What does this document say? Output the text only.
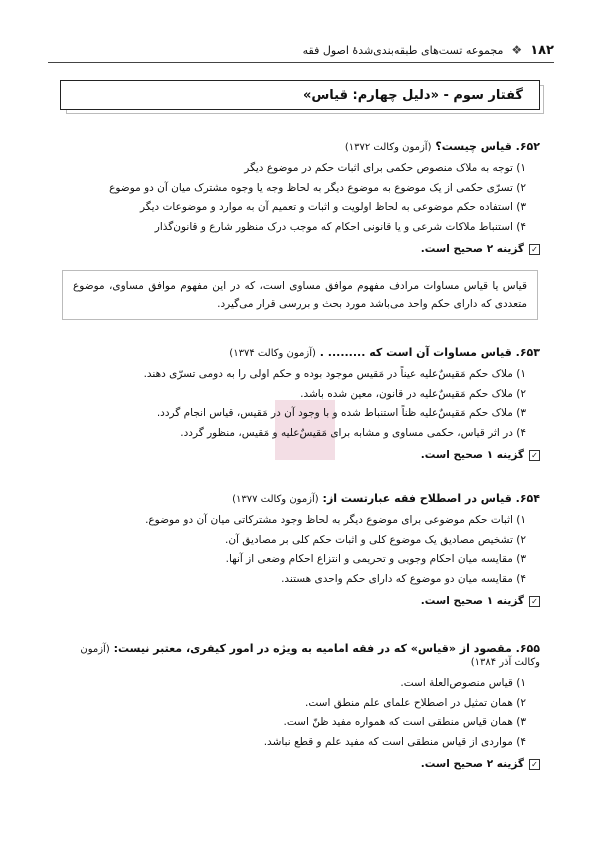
۱۸۲
❖
مجموعه تست‌های طبقه‌بندی‌شدهٔ اصول فقه
گفتار سوم - «دلیل چهارم: قیاس»
۶۵۲. قیاس چیست؟ (آزمون وکالت ۱۳۷۲)
۱) توجه به ملاک منصوص حکمی برای اثبات حکم در موضوع دیگر
۲) تسرّی حکمی از یک موضوع به موضوع دیگر به لحاظ وجه یا وجوه مشترک میان آن دو موضوع
۳) استفاده حکم موضوعی به لحاظ اولویت و اثبات و تعمیم آن به موارد و موضوعات دیگر
۴) استنباط ملاکات شرعی و یا قانونی احکام که موجب درک منظور شارع و قانون‌گذار
✓
گزینه ۲ صحیح است.
قیاس یا قیاس مساوات مرادف مفهوم موافق مساوی است، که در این مفهوم موافق مساوی، موضوع متعددی که دارای حکم واحد می‌باشد مورد بحث و بررسی قرار می‌گیرد.
۶۵۳. قیاس مساوات آن است که ......... . (آزمون وکالت ۱۳۷۴)
۱) ملاک حکم مَقیسٌ‌علیه عیناً در مَقیس موجود بوده و حکم اولی را به دومی تسرّی دهند.
۲) ملاک حکم مَقیسٌ‌علیه در قانون، معین شده باشد.
۳) ملاک حکم مَقیسٌ‌علیه ظناً استنباط شده و با وجود آن در مَقیس، قیاس انجام گردد.
۴) در اثر قیاس، حکمی مساوی و مشابه برای مَقیسٌ‌علیه و مَقیس، منظور گردد.
✓
گزینه ۱ صحیح است.
۶۵۴. قیاس در اصطلاح فقه عبارتست از: (آزمون وکالت ۱۳۷۷)
۱) اثبات حکم موضوعی برای موضوع دیگر به لحاظ وجود مشترکاتی میان آن دو موضوع.
۲) تشخیص مصادیق یک موضوع کلی و اثبات حکم کلی بر مصادیق آن.
۳) مقایسه میان احکام وجوبی و تحریمی و انتزاع احکام وضعی از آنها.
۴) مقایسه میان دو موضوع که دارای حکم واحدی هستند.
✓
گزینه ۱ صحیح است.
۶۵۵. مقصود از «قیاس» که در فقه امامیه به ویژه در امور کیفری، معتبر نیست: (آزمون وکالت آذر ۱۳۸۴)
۱) قیاس منصوص‌العلة است.
۲) همان تمثیل در اصطلاح علمای علم منطق است.
۳) همان قیاس منطقی است که همواره مفید ظنّ است.
۴) مواردی از قیاس منطقی است که مفید علم و قطع نباشد.
✓
گزینه ۲ صحیح است.
